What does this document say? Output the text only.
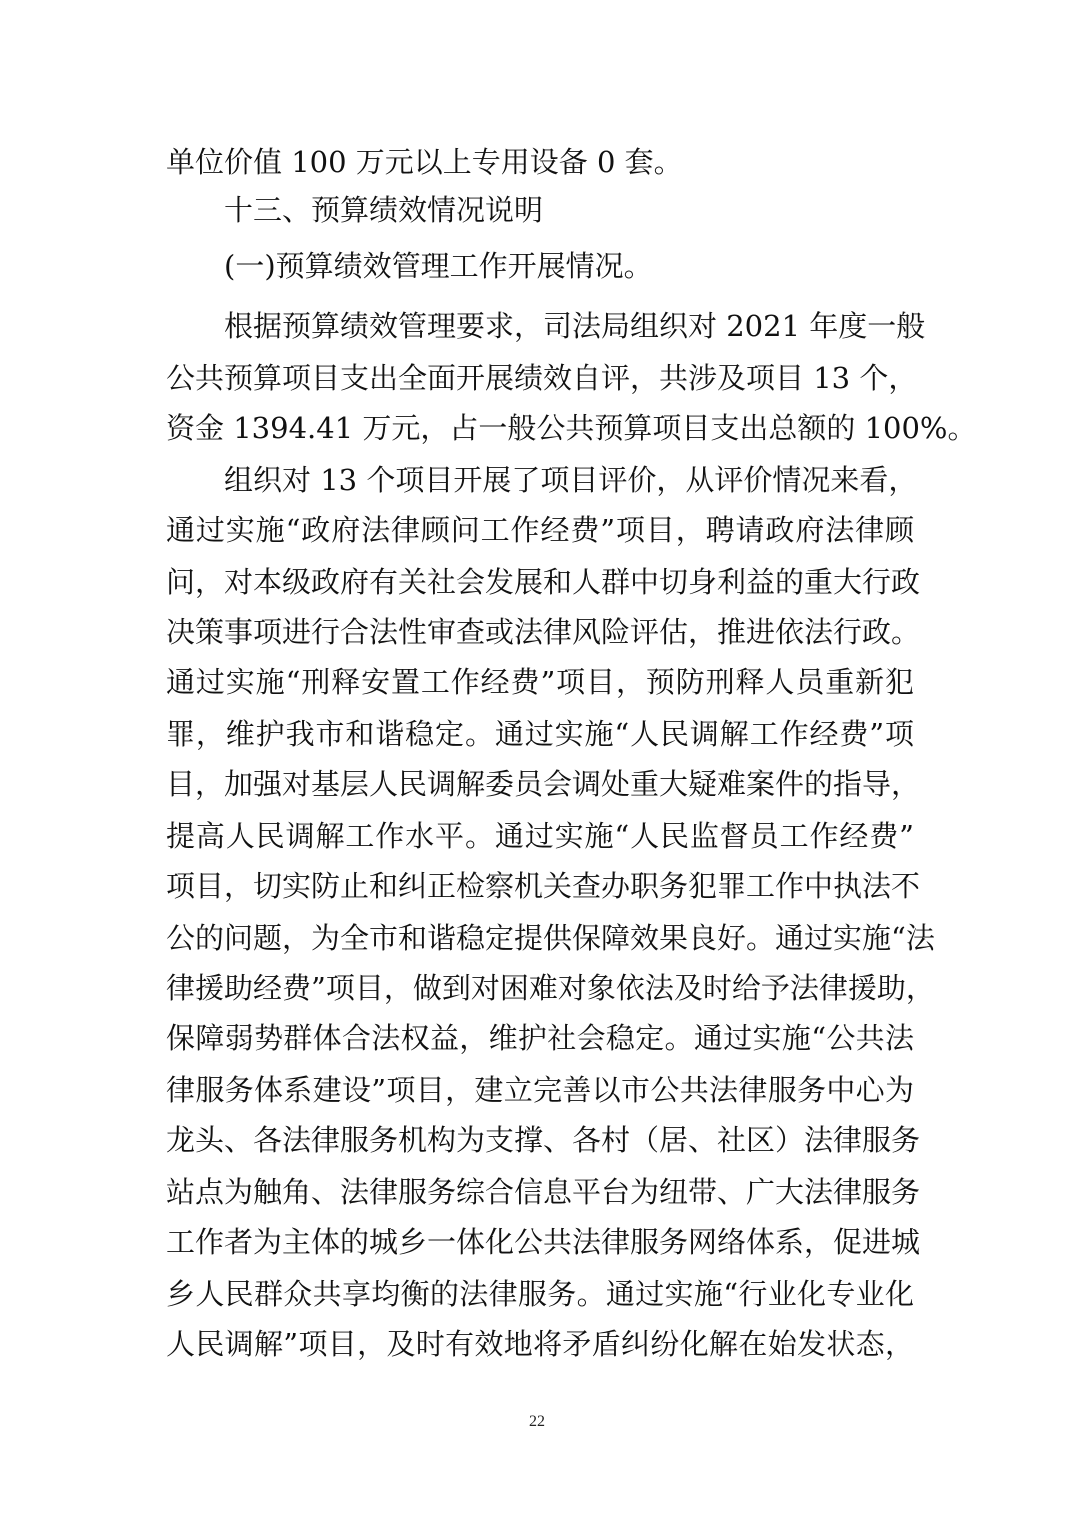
单位价值 100 万元以上专用设备 0 套。
十三、预算绩效情况说明
(一)预算绩效管理工作开展情况。
根据预算绩效管理要求，司法局组织对 2021 年度一般
公共预算项目支出全面开展绩效自评，共涉及项目 13 个，
资金 1394.41 万元，占一般公共预算项目支出总额的 100%。
组织对 13 个项目开展了项目评价，从评价情况来看，
通过实施“政府法律顾问工作经费”项目，聘请政府法律顾
问，对本级政府有关社会发展和人群中切身利益的重大行政
决策事项进行合法性审查或法律风险评估，推进依法行政。
通过实施“刑释安置工作经费”项目，预防刑释人员重新犯
罪，维护我市和谐稳定。通过实施“人民调解工作经费”项
目，加强对基层人民调解委员会调处重大疑难案件的指导，
提高人民调解工作水平。通过实施“人民监督员工作经费”
项目，切实防止和纠正检察机关查办职务犯罪工作中执法不
公的问题，为全市和谐稳定提供保障效果良好。通过实施“法
律援助经费”项目，做到对困难对象依法及时给予法律援助，
保障弱势群体合法权益，维护社会稳定。通过实施“公共法
律服务体系建设”项目，建立完善以市公共法律服务中心为
龙头、各法律服务机构为支撑、各村（居、社区）法律服务
站点为触角、法律服务综合信息平台为纽带、广大法律服务
工作者为主体的城乡一体化公共法律服务网络体系，促进城
乡人民群众共享均衡的法律服务。通过实施“行业化专业化
人民调解”项目，及时有效地将矛盾纠纷化解在始发状态，
22
